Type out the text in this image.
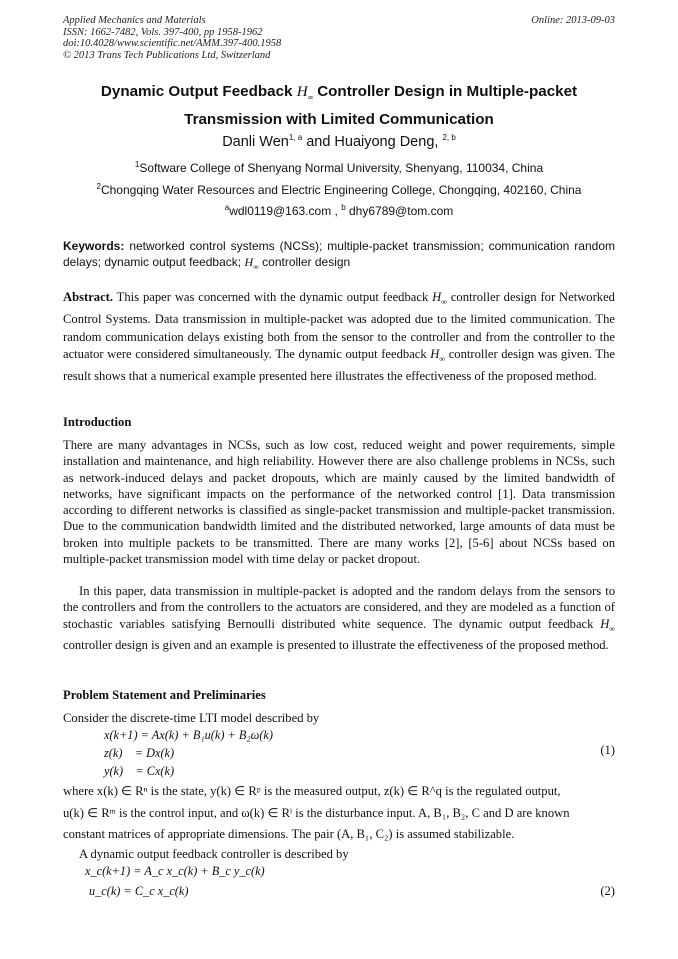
Applied Mechanics and Materials
ISSN: 1662-7482, Vols. 397-400, pp 1958-1962
doi:10.4028/www.scientific.net/AMM.397-400.1958
© 2013 Trans Tech Publications Ltd, Switzerland
Online: 2013-09-03
Dynamic Output Feedback $H_\infty$ Controller Design in Multiple-packet
Transmission with Limited Communication
Danli Wen$^{1, a}$ and Huaiyong Deng, $^{2, b}$
$^1$Software College of Shenyang Normal University, Shenyang, 110034, China
$^2$Chongqing Water Resources and Electric Engineering College, Chongqing, 402160, China
$^a$wdl0119@163.com , $^b$ dhy6789@tom.com
Keywords: networked control systems (NCSs); multiple-packet transmission; communication random delays; dynamic output feedback; $H_\infty$ controller design
Abstract. This paper was concerned with the dynamic output feedback $H_\infty$ controller design for Networked Control Systems. Data transmission in multiple-packet was adopted due to the limited communication. The random communication delays existing both from the sensor to the controller and from the controller to the actuator were considered simultaneously. The dynamic output feedback $H_\infty$ controller design was given. The result shows that a numerical example presented here illustrates the effectiveness of the proposed method.
Introduction
There are many advantages in NCSs, such as low cost, reduced weight and power requirements, simple installation and maintenance, and high reliability. However there are also challenge problems in NCSs, such as network-induced delays and packet dropouts, which are mainly caused by the limited bandwidth of networks, have significant impacts on the performance of the networked control [1]. Data transmission according to different networks is classified as single-packet transmission and multiple-packet transmission. Due to the communication bandwidth limited and the distributed networked, large amounts of data must be broken into multiple packets to be transmitted. There are many works [2], [5-6] about NCSs based on multiple-packet transmission model with time delay or packet dropout.
In this paper, data transmission in multiple-packet is adopted and the random delays from the sensors to the controllers and from the controllers to the actuators are considered, and they are modeled as a function of stochastic variables satisfying Bernoulli distributed white sequence. The dynamic output feedback $H_\infty$ controller design is given and an example is presented to illustrate the effectiveness of the proposed method.
Problem Statement and Preliminaries
Consider the discrete-time LTI model described by
x(k+1) = Ax(k) + B₁u(k) + B₂ω(k)
z(k)    = Dx(k)
y(k)    = Cx(k)
(1)
where x(k) ∈ Rⁿ is the state, y(k) ∈ Rᵖ is the measured output, z(k) ∈ R^q is the regulated output,
u(k) ∈ Rᵐ is the control input, and ω(k) ∈ Rˡ is the disturbance input. A, B₁, B₂, C and D are known
constant matrices of appropriate dimensions. The pair (A, B₁, C₂) is assumed stabilizable.
A dynamic output feedback controller is described by
x_c(k+1) = A_c x_c(k) + B_c y_c(k)
u_c(k) = C_c x_c(k)	(2)
